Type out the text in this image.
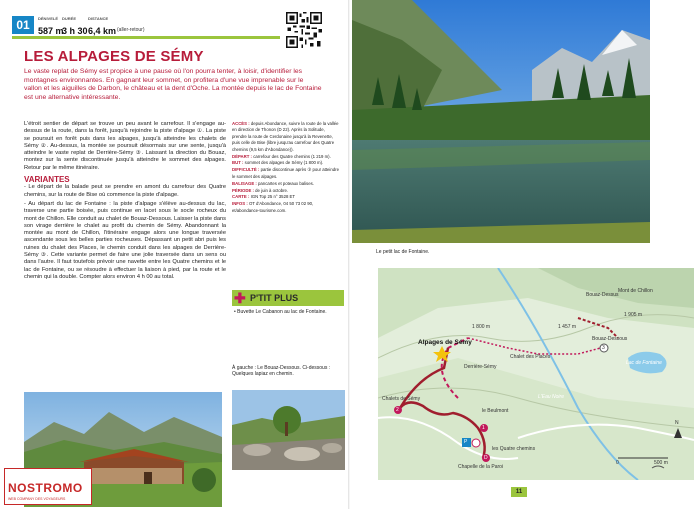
01	DÉNIVELÉ
587 m
DURÉE
3 h 30
DISTANCE
6,4 km (aller-retour)
LES ALPAGES DE SÉMY

Le vaste replat de Sémy est propice à une pause où l'on pourra tenter, à loisir, d'identifier les montagnes environnantes. En gagnant leur sommet, on profitera d'une vue imprenable sur le vallon et les aiguilles de Darbon, le château et la dent d'Oche. La montée depuis le lac de Fontaine est une alternative intéressante.

L'étroit sentier de départ se trouve un peu avant le carrefour. Il s'engage au-dessus de la route, dans la forêt, jusqu'à rejoindre la piste d'alpage ①. La piste se poursuit en forêt puis dans les alpages, jusqu'à atteindre les chalets de Sémy ②. Au-dessus, la montée se poursuit désormais sur une sente, jusqu'à atteindre le vaste replat de Derrière-Sémy ③. Laissant la direction du Bouaz, montez sur la sente discontinuée jusqu'à atteindre le sommet des alpages. Retour par le même itinéraire.

VARIANTES

- Le départ de la balade peut se prendre en amont du carrefour des Quatre chemins, sur la route de Bise où commence la piste d'alpage.

- Au départ du lac de Fontaine : la piste d'alpage s'élève au-dessus du lac, traverse une partie boisée, puis continue en lacet sous le socle rocheux du mont de Chillon. Elle conduit au chalet de Bouaz-Dessous. Laisser la piste dans son virage derrière le chalet au profit du chemin de Sémy. Abandonnant la montée au mont de Chillon, l'itinéraire engage alors une longue traversée ascendante sous les belles parties rocheuses. Dépassant un petit abri puis les ruines du chalet des Places, le chemin conduit dans les alpages de Derrière-Sémy ③. Cette variante permet de faire une jolie traversée dans un sens ou dans l'autre. Il faut toutefois prévoir une navette entre les Quatre chemins et le lac de Fontaine, ou se résoudre à effectuer la liaison à pied, par la route et le chemin qui la double. Compter alors environ 4 h 00 au total.

ACCÈS : depuis Abondance, suivre la route de la vallée en direction de Thonon (D 22). Après la Solitude, prendre la route de Cerdonaine jusqu'à la Revenette, puis celle de Bise (libre jusqu'au carrefour des Quatre chemins (9,5 km d'Abondance)).
DÉPART : carrefour des Quatre chemins (1 219 m).
BUT : sommet des alpages de Sémy (1 800 m).
DIFFICULTÉ : partie discontinue après ③ pour atteindre le sommet des alpages.
BALISAGE : pancartes et poteaux balises.
PÉRIODE : de juin à octobre.
CARTE : IGN Top 25 n° 3528 ET
INFOS : OT d'Abondance, 04 50 73 02 90, et/abondance-tourisme.com.
✚ P'TIT PLUS

• Buvette Le Cabanon au lac de Fontaine.

À gauche : Le Bouaz-Dessous. Ci-dessous : Quelques lapiaz en chemin.

NOSTROMO
WEB COMPANY DES VOYAGEURS

Le petit lac de Fontaine.

Alpages de Sémy
Chalets de Sémy
1 800 m	1 457 m
Chalet des Places
Bouaz-Dessus
Mont de Chillon
Bouaz-Dessous
Lac de Fontaine
le Beulmont
L'Eau Noire
les Quatre chemins
Chapelle de la Paroi
Derrière-Sémy
1 905 m
0	500 m
N
2
1
D
P
3
11
